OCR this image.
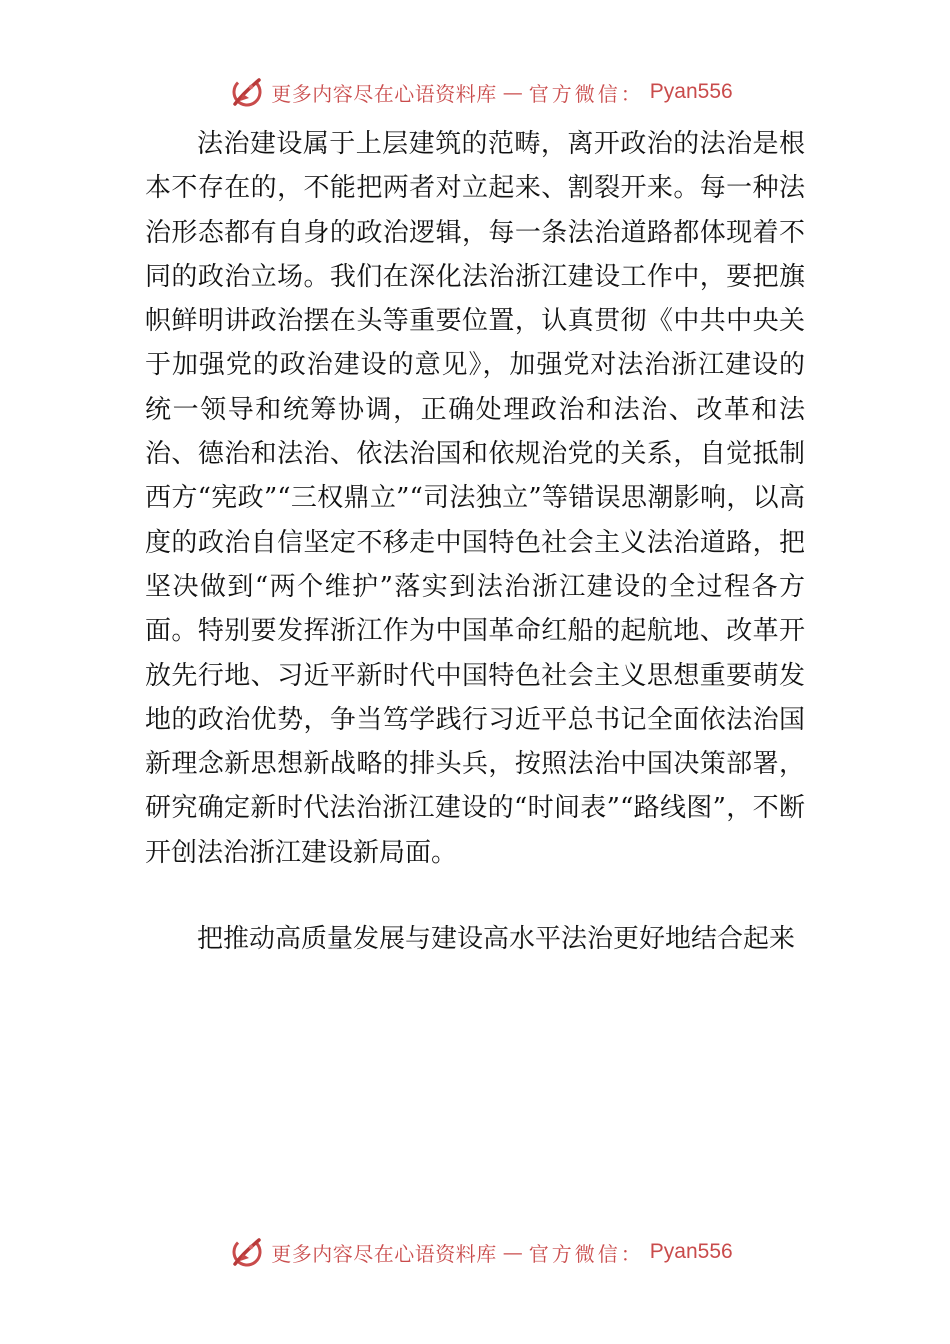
更多内容尽在心语资料库 — 官方微信： Pyan556

法治建设属于上层建筑的范畴，离开政治的法治是根本不存在的，不能把两者对立起来、割裂开来。每一种法治形态都有自身的政治逻辑，每一条法治道路都体现着不同的政治立场。我们在深化法治浙江建设工作中，要把旗帜鲜明讲政治摆在头等重要位置，认真贯彻《中共中央关于加强党的政治建设的意见》，加强党对法治浙江建设的统一领导和统筹协调，正确处理政治和法治、改革和法治、德治和法治、依法治国和依规治党的关系，自觉抵制西方“宪政”“三权鼎立”“司法独立”等错误思潮影响，以高度的政治自信坚定不移走中国特色社会主义法治道路，把坚决做到“两个维护”落实到法治浙江建设的全过程各方面。特别要发挥浙江作为中国革命红船的起航地、改革开放先行地、习近平新时代中国特色社会主义思想重要萌发地的政治优势，争当笃学践行习近平总书记全面依法治国新理念新思想新战略的排头兵，按照法治中国决策部署，研究确定新时代法治浙江建设的“时间表”“路线图”，不断开创法治浙江建设新局面。

把推动高质量发展与建设高水平法治更好地结合起来

更多内容尽在心语资料库 — 官方微信： Pyan556
